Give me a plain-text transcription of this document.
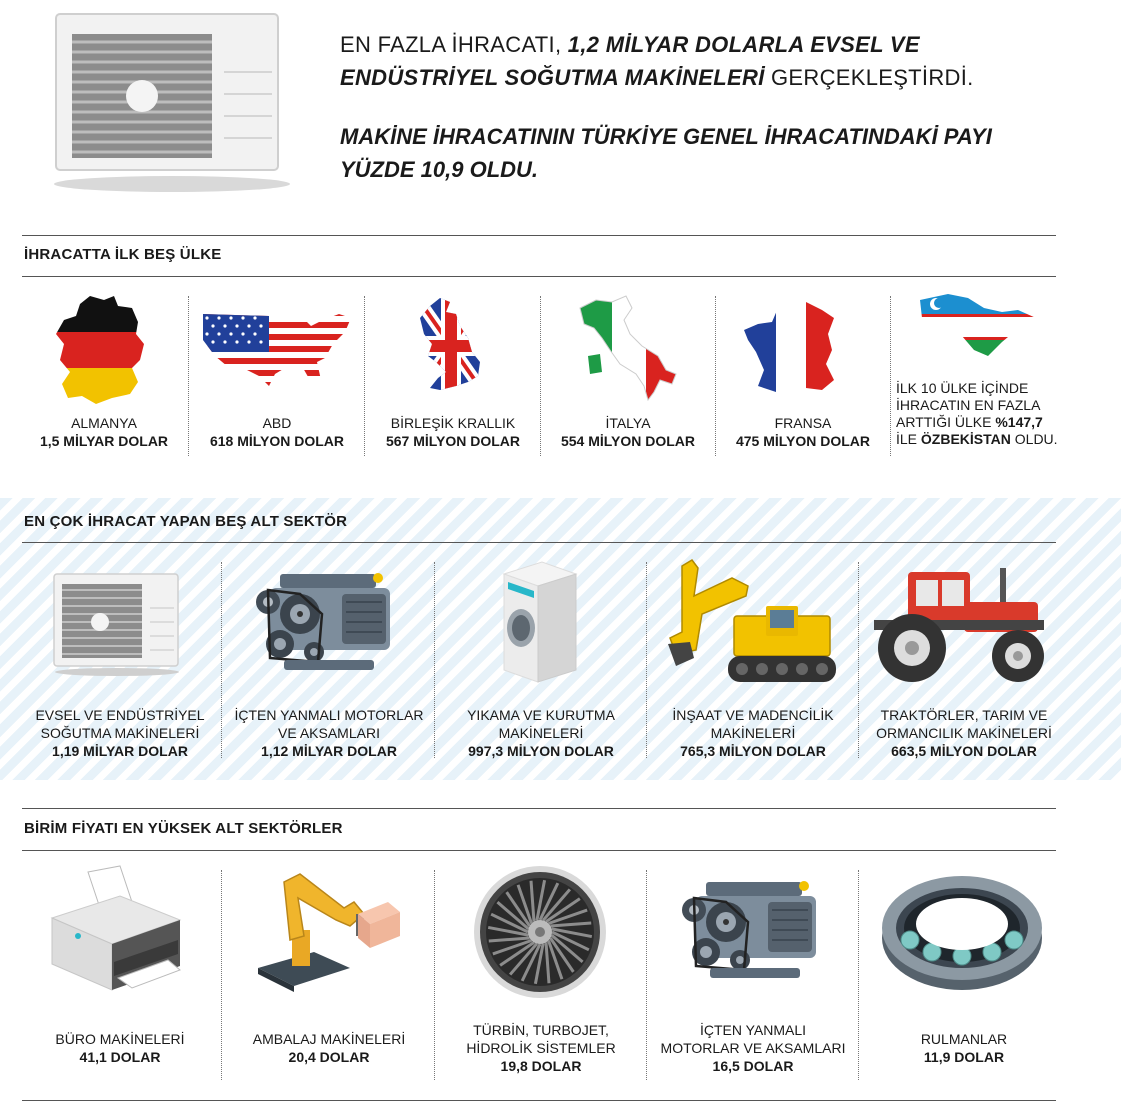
EN FAZLA İHRACATI, 1,2 MİLYAR DOLARLA EVSEL VE
ENDÜSTRİYEL SOĞUTMA MAKİNELERİ GERÇEKLEŞTİRDİ.
MAKİNE İHRACATININ TÜRKİYE GENEL İHRACATINDAKİ PAYI
YÜZDE 10,9 OLDU.
İHRACATTA İLK BEŞ ÜLKE
ALMANYA
1,5 MİLYAR DOLAR
ABD
618 MİLYON DOLAR
BİRLEŞİK KRALLIK
567 MİLYON DOLAR
İTALYA
554 MİLYON DOLAR
FRANSA
475 MİLYON DOLAR
İLK 10 ÜLKE İÇİNDE
İHRACATIN EN FAZLA
ARTTIĞI ÜLKE %147,7
İLE ÖZBEKİSTAN OLDU.
EN ÇOK İHRACAT YAPAN BEŞ ALT SEKTÖR
EVSEL VE ENDÜSTRİYEL
SOĞUTMA MAKİNELERİ
1,19 MİLYAR DOLAR
İÇTEN YANMALI MOTORLAR
VE AKSAMLARI
1,12 MİLYAR DOLAR
YIKAMA VE KURUTMA
MAKİNELERİ
997,3 MİLYON DOLAR
İNŞAAT VE MADENCİLİK
MAKİNELERİ
765,3 MİLYON DOLAR
TRAKTÖRLER, TARIM VE
ORMANCILIK MAKİNELERİ
663,5 MİLYON DOLAR
BİRİM FİYATI EN YÜKSEK ALT SEKTÖRLER
BÜRO MAKİNELERİ
41,1 DOLAR
AMBALAJ MAKİNELERİ
20,4 DOLAR
TÜRBİN, TURBOJET,
HİDROLİK SİSTEMLER
19,8 DOLAR
İÇTEN YANMALI
MOTORLAR VE AKSAMLARI
16,5 DOLAR
RULMANLAR
11,9 DOLAR
